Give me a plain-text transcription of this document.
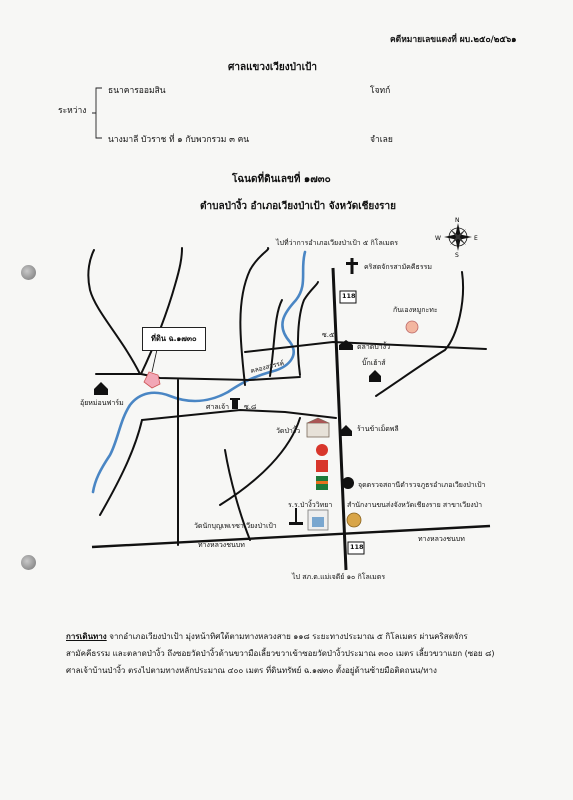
คดีหมายเลขแดงที่ ผบ.๒๕๐/๒๕๖๑
ศาลแขวงเวียงป่าเป้า
ระหว่าง
ธนาคารออมสิน	โจทก์
นางมาลี บัวราช ที่ ๑ กับพวกรวม ๓ คน	จำเลย
โฉนดที่ดินเลขที่ ๑๗๓๐
ตำบลป่างิ้ว อำเภอเวียงป่าเป้า จังหวัดเชียงราย
N
E
S
W
ไปที่ว่าการอำเภอเวียงป่าเป้า ๕ กิโลเมตร
คริสตจักรสามัคคีธรรม
118
กันเองหมูกะทะ
ซ.๕
ตลาดป่างิ้ว
บิ๊กเฮ้าส์
ที่ดิน ฉ.๑๗๓๐
คลองสวรรค์
อุ้ยหม่อนฟาร์ม	ศาลเจ้า ซ.๘
วัดป่างิ้ว	ร้านข้าเม็ดพลี
จุดตรวจสถานีตำรวจภูธรอำเภอเวียงป่าเป้า
ร.ร.ป่างิ้ววิทยา สำนักงานขนส่งจังหวัดเชียงราย สาขาเวียงป่า
วัดนักบุญเพเรซาเวียงป่าเป้า
ทางหลวงชนบท
ทางหลวงชนบท
118
ไป สภ.ต.แม่เจดีย์ ๑๐ กิโลเมตร
การเดินทาง จากอำเภอเวียงป่าเป้า มุ่งหน้าทิศใต้ตามทางหลวงสาย ๑๑๘ ระยะทางประมาณ ๕ กิโลเมตร ผ่านคริสตจักรสามัคคีธรรม และตลาดป่างิ้ว ถึงซอยวัดป่างิ้วด้านขวามือเลี้ยวขวาเข้าซอยวัดป่างิ้วประมาณ ๓๐๐ เมตร เลี้ยวขวาแยก (ซอย ๘) ศาลเจ้าบ้านป่างิ้ว ตรงไปตามทางหลักประมาณ ๔๐๐ เมตร ที่ดินทรัพย์ ฉ.๑๗๓๐ ตั้งอยู่ด้านซ้ายมือติดถนน/ทาง
